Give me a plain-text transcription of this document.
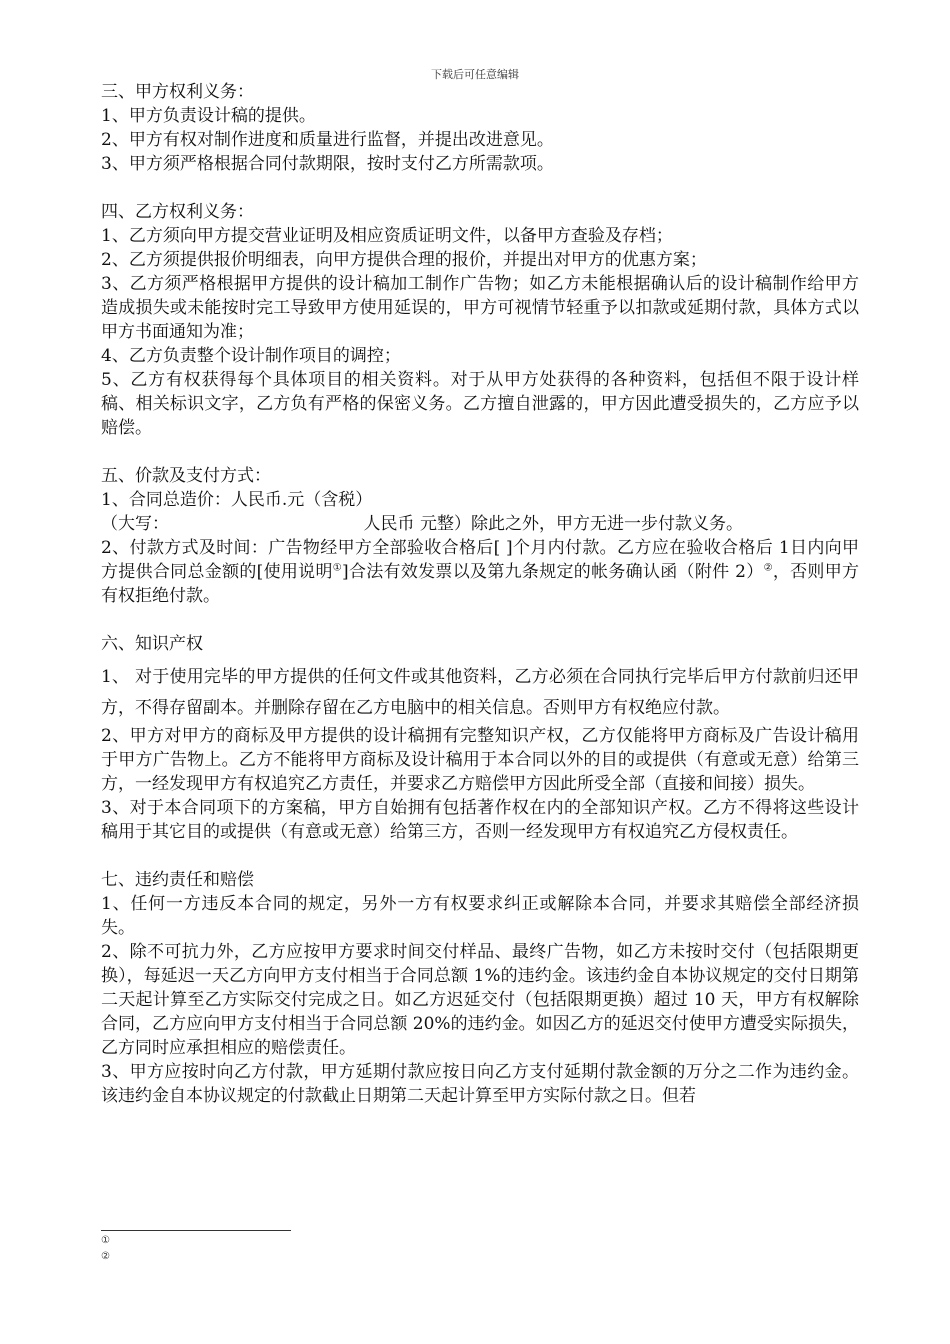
下载后可任意编辑

三、甲方权利义务：

1、甲方负责设计稿的提供。

2、甲方有权对制作进度和质量进行监督，并提出改进意见。

3、甲方须严格根据合同付款期限，按时支付乙方所需款项。

四、乙方权利义务：

1、乙方须向甲方提交营业证明及相应资质证明文件，以备甲方查验及存档；

2、乙方须提供报价明细表，向甲方提供合理的报价，并提出对甲方的优惠方案；

3、乙方须严格根据甲方提供的设计稿加工制作广告物；如乙方未能根据确认后的设计稿制作给甲方造成损失或未能按时完工导致甲方使用延误的，甲方可视情节轻重予以扣款或延期付款，具体方式以甲方书面通知为准；

4、乙方负责整个设计制作项目的调控；

5、乙方有权获得每个具体项目的相关资料。对于从甲方处获得的各种资料，包括但不限于设计样稿、相关标识文字，乙方负有严格的保密义务。乙方擅自泄露的，甲方因此遭受损失的，乙方应予以赔偿。

五、价款及支付方式：

1、合同总造价：人民币.元（含税）

（大写：	人民币 元整）除此之外，甲方无进一步付款义务。

2、付款方式及时间：广告物经甲方全部验收合格后[ ]个月内付款。乙方应在验收合格后 1日内向甲方提供合同总金额的[使用说明①]合法有效发票以及第九条规定的帐务确认函（附件 2）②，否则甲方有权拒绝付款。

六、知识产权

1、 对于使用完毕的甲方提供的任何文件或其他资料，乙方必须在合同执行完毕后甲方付款前归还甲方，不得存留副本。并删除存留在乙方电脑中的相关信息。否则甲方有权绝应付款。

2、甲方对甲方的商标及甲方提供的设计稿拥有完整知识产权，乙方仅能将甲方商标及广告设计稿用于甲方广告物上。乙方不能将甲方商标及设计稿用于本合同以外的目的或提供（有意或无意）给第三方，一经发现甲方有权追究乙方责任，并要求乙方赔偿甲方因此所受全部（直接和间接）损失。

3、对于本合同项下的方案稿，甲方自始拥有包括著作权在内的全部知识产权。乙方不得将这些设计稿用于其它目的或提供（有意或无意）给第三方，否则一经发现甲方有权追究乙方侵权责任。

七、违约责任和赔偿

1、任何一方违反本合同的规定，另外一方有权要求纠正或解除本合同，并要求其赔偿全部经济损失。

2、除不可抗力外，乙方应按甲方要求时间交付样品、最终广告物，如乙方未按时交付（包括限期更换），每延迟一天乙方向甲方支付相当于合同总额 1%的违约金。该违约金自本协议规定的交付日期第二天起计算至乙方实际交付完成之日。如乙方迟延交付（包括限期更换）超过 10 天，甲方有权解除合同，乙方应向甲方支付相当于合同总额 20%的违约金。如因乙方的延迟交付使甲方遭受实际损失，乙方同时应承担相应的赔偿责任。

3、甲方应按时向乙方付款，甲方延期付款应按日向乙方支付延期付款金额的万分之二作为违约金。该违约金自本协议规定的付款截止日期第二天起计算至甲方实际付款之日。但若

①
②
